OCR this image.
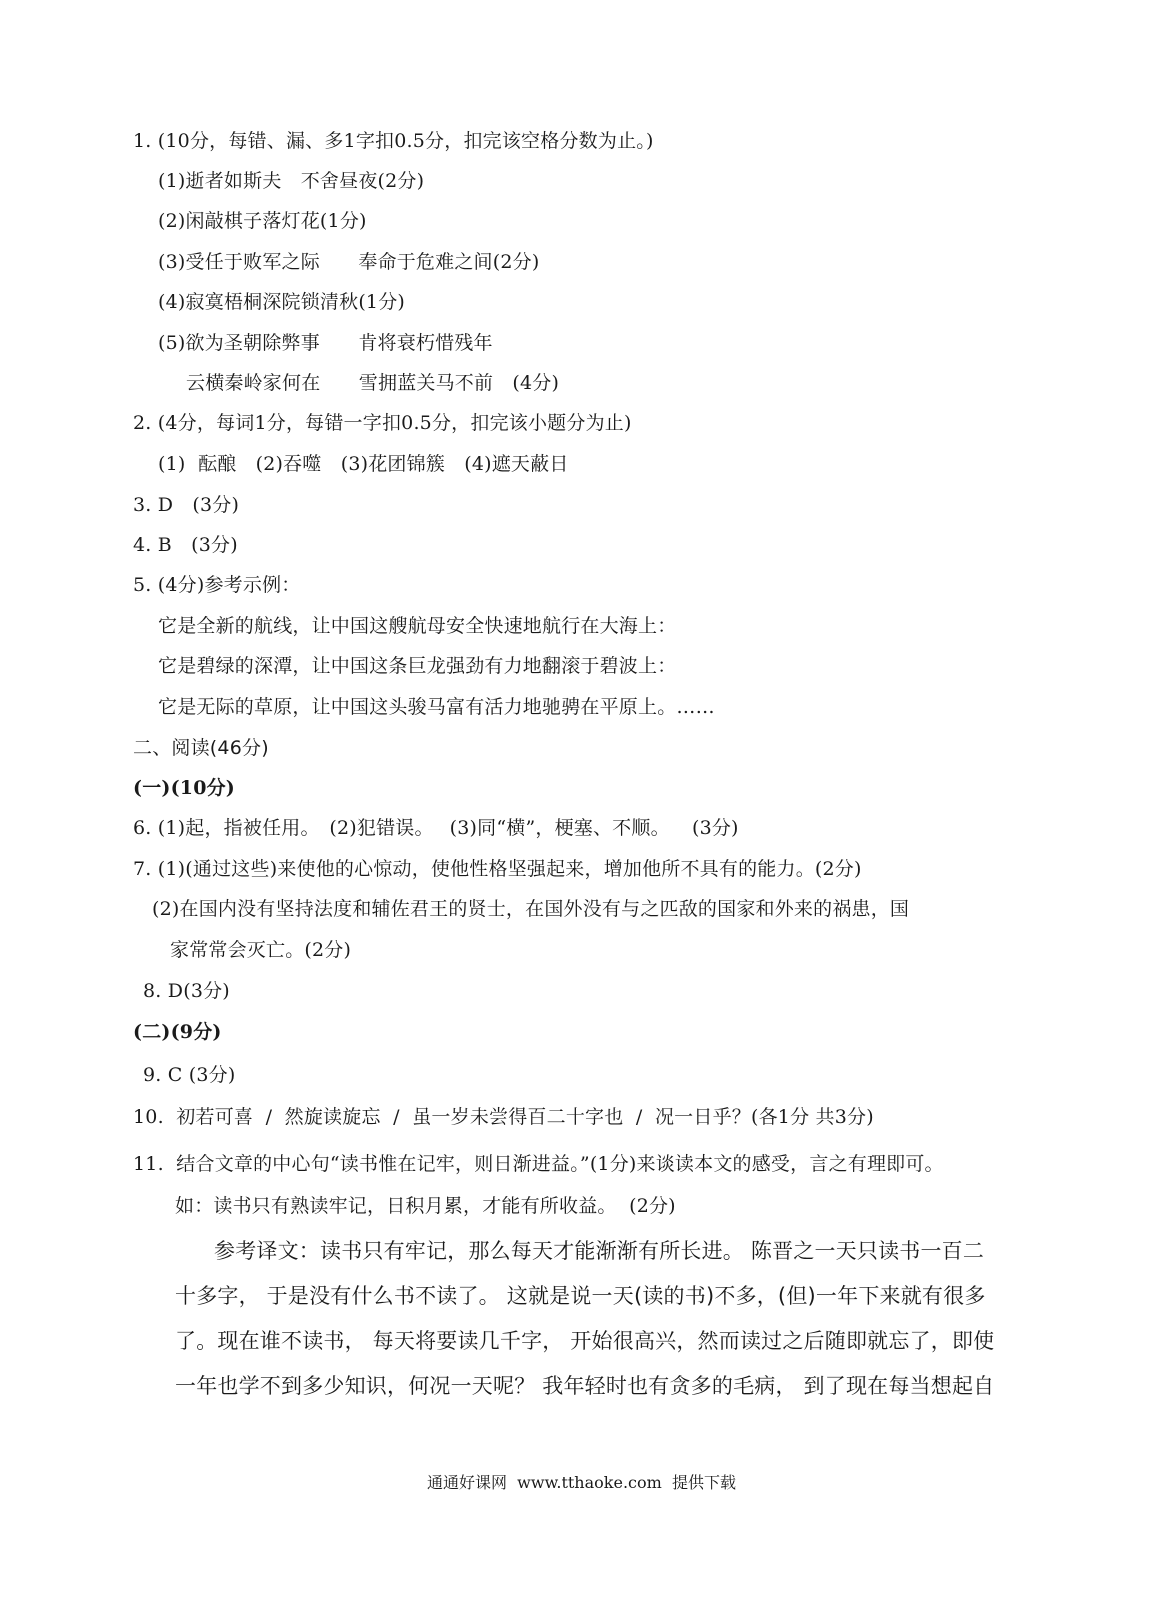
1. (10分，每错、漏、多1字扣0.5分，扣完该空格分数为止。)
(1)逝者如斯夫　不舍昼夜(2分)
(2)闲敲棋子落灯花(1分)
(3)受任于败军之际　　奉命于危难之间(2分)
(4)寂寞梧桐深院锁清秋(1分)
(5)欲为圣朝除弊事　　肯将衰朽惜残年
云横秦岭家何在　　雪拥蓝关马不前　(4分)
2. (4分，每词1分，每错一字扣0.5分，扣完该小题分为止)
(1)  酝酿　(2)吞噬　(3)花团锦簇　(4)遮天蔽日
3. D　(3分)
4. B　(3分)
5. (4分)参考示例：
它是全新的航线，让中国这艘航母安全快速地航行在大海上：
它是碧绿的深潭，让中国这条巨龙强劲有力地翻滚于碧波上：
它是无际的草原，让中国这头骏马富有活力地驰骋在平原上。……
二、阅读(46分)
(一)(10分)
6. (1)起，指被任用。　(2)犯错误。　 (3)同“横”，梗塞、不顺。　  (3分)
7. (1)(通过这些)来使他的心惊动，使他性格坚强起来，增加他所不具有的能力。(2分)
(2)在国内没有坚持法度和辅佐君王的贤士，在国外没有与之匹敌的国家和外来的祸患，国
家常常会灭亡。(2分)
8. D(3分)
(二)(9分)
9. C (3分)
10.  初若可喜  /  然旋读旋忘  /  虽一岁未尝得百二十字也  /  况一日乎？(各1分 共3分)
11.  结合文章的中心句“读书惟在记牢，则日渐进益。”(1分)来谈读本文的感受，言之有理即可。
如：读书只有熟读牢记，日积月累，才能有所收益。  (2分)
参考译文：读书只有牢记，那么每天才能渐渐有所长进。 陈晋之一天只读书一百二
十多字， 于是没有什么书不读了。 这就是说一天(读的书)不多，(但)一年下来就有很多
了。现在谁不读书， 每天将要读几千字， 开始很高兴，然而读过之后随即就忘了，即使
一年也学不到多少知识，何况一天呢？ 我年轻时也有贪多的毛病， 到了现在每当想起自
通通好课网  www.tthaoke.com  提供下载
